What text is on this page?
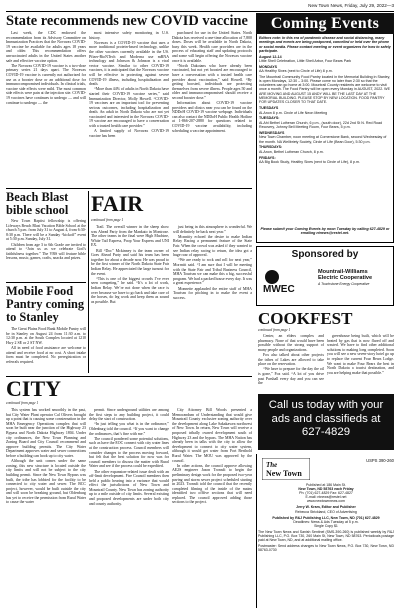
New Town News, Friday, July 29, 2022—3
State recommends new COVID vaccine

Last week, the CDC endorsed the recommendation from its Advisory Committee on Immunization Practices that the Novavax COVID-19 vaccine be available for adults ages 18 years and older. This recommendation offers unvaccinated adults in the United States another safe and effective vaccine option.

The Novavax COVID-19 vaccine is a two-dose primary series 21 days apart. The Novavax COVID-19 vaccine is currently not authorized for use as a booster dose or an additional dose for immunocompromised individuals. In clinical trials, vaccine side effects were mild. The most common side effects were pain at the injection site. COVID-19 vaccines have continues to undergo — and will continue to undergo — the

most intensive safety monitoring in U.S. history.

Novavax is a COVID-19 vaccine that uses a more traditional protein-based technology, unlike the other vaccines currently available in the US. Pfizer-BioNTech and Moderna use mRNA technology and Johnson & Johnson is a viral vector vaccine. Similar to other COVID-19 vaccines, it is anticipated that the Novavax vaccine will be effective in protecting against severe COVID-19 illness, including hospitalization and death.

“More than 44% of adults in North Dakota have started their COVID-19 vaccine series,” said Immunization Director, Molly Howell. “COVID-19 vaccines are an important tool for preventing serious outcomes, including hospitalization and death. An adult in North Dakota who are not yet vaccinated and interested in the Novavax COVID-19 vaccine are encouraged to have a conversation with a trusted health care provider.”

A limited supply of Novavax COVID-19 vaccine has been

purchased for use in the United States. North Dakota has received a one-time allocation of 7,800 doses. Doses will be available in North Dakota, busy this week. Health care providers are in the process of educating staff and updating protocols and some will begin offering the Novavax vaccine once it is available.

“North Dakotans who have already been vaccinated, but not yet boosted are encouraged to have a conversation with a trusted health care provider about vaccination,” said Howell. “By getting boosted, individuals are protecting themselves from severe illness. People ages 50 and older and immunocompromised should receive a second booster dose.”

Information about COVID-19 vaccine providers and clinics near you can be found on the NDDoH COVID-19 vaccine webpage. Individuals can also contact the NDDoH Public Health Hotline at 1-866-207-2880 for questions related to COVID-19 vaccine availability, including scheduling a vaccine appointment.

Beach Blast bible school

New Town Baptist fellowship is offering Lifeways Beach Blast Vacation Bible School at the church 5 p.m. from July 31 to August 4, from 6:30-8:30 p.m. There will be a Sunday “kickoff” event at 5:30 p.m. Sunday, July 31.

Children from age 3 to 6th Grade are invited to attend to “Join us as we celebrate God’s faithfulness together.” The VBS will feature bible lessons, music, games, crafts, snacks and prizes.

Mobile Food Pantry coming to Stanley

The Great Plains Food Bank Mobile Pantry will be in Stanley on August 24 from 11:30 a.m. to 12:30 p.m. at the South Complex located at 1210 Hwy 2 SE or 2 ST NW.

All in need of food assistance are welcome to attend and receive food at no cost. A short intake form must be completed. No preregistration or referrals required.

FAIR
continued from page 1

Trail. The overall winner in the sheep show was Ahead Party from the Mankato in Montrose. The other teams in the final were High Machine, White Tail Express, Poop Your Express and UNI EX.

Bill “Doc” Mckinney is the team owner of Goes Ahead Party and said his team has been together for about a decade now. He was proud to be the first winner of the North Dakota State Fair Indian Relay. He appreciated the large turnout for the event.

“This is one of the biggest crowds I’ve ever seen competing,” he said. “It’s a lot of work, Indian Relay. We’re not done when the race is over because we have to go back and take care of the horses, do leg work and keep them as sound as possible. But

just being in this atmosphere is wonderful. We will definitely be back next year.”

Mcnnitty echoed the desire to make Indian Relay Racing a permanent feature of the State Fair. When the crowd was asked if they wanted to see Indian relay racing to return, the idea got a huge roar of approval.

“We are ready to rock and roll for next year,” Morrnitt said. “I am sure that I will be meeting with the State Fair and Tribal Business Council, MHA Tourism we can make this a big, successful program. We had a packed house every day. It was a great experience.”

Monnette applauded the entire staff of MHA Tourism for pitching in to make the event a success.

CITY
continued from page 1

This system has worked smoothly in the past, but City Water Plant operator Cal Olivers brought up a point that is causing some consternation in the MHA Emergency Operations complex that will soon be built near the junction of the Highway 23 Bypass and North Dakota Highway 1804. Under city ordinances, the New Town Planning and Zoning Board and City Council recommend and approve building permits. The City Water Department approves water and sewer connections before a building can hook up to city water.

Although the unit comes under the same zoning, this new structure is located outside the city limits and will not be subject to the city building permit. Since the New Town Bypass was built, the tribe has lobbied for the facility to be connected to city water and sewer. The BCC project, however, would be built outside the city and will soon be breaking ground, but Oldenburg has yet to receive the permission from Rural Water to cause the water

permit. Since underground utilities are among the first steps to any building project, it could delay the start of construction.

“In just telling you what is in the ordinance,” Oldenburg told the council. “If you want to change the ordinances, that’s fine with me.”

The council pondered some potential solutions, such as have the EOC connect with city water lines at the construction process. Council members will consider changes to the process moving forward, but felt that the best solution for now was for council members to discuss the matter with Rural Water and see if the process could be expedited.

The other expansion-related issue dealt with an off-limit development. Fire Council members then held a public hearing into a variance that would effect the jurisdictions of New Town and Mountrail County. New Town has zoning authority up to a mile outside of city limits. Several existing and proposed developments are under both city and county authority.

City Attorney Bill Woods presented a Memorandum of Understanding that would give Mountrail County exclusive zoning authority over the development along Lake Sakakawea northwest of New Town. In return, New Town will receive a proposed tribally owned development south of Highway 23 and the bypass. The MHA Nation has already been in talks with the city to allow the development to connect to city water system, although it would get water from Fort Berthold Rural Water. The MOU was approved by the council.

In other actions, the council approve allowing AE2S engineer Jason Tronsdi to begin the preliminary design work for the proposed two-year paving and storm sewer project scheduled starting in 2023. Tronsdi told the council that the recently completed filming of the inside of the mains identified two offfive sections that will need replaced. The council approved adding those sections to the project.

Coming Events
Editors note: In this era of pandemic disease and social distancing, many meetings and events are being postponed, cancelled or held over the phone or social media. Please contact meeting or event organizers for how to safely participate.
August 12-14
Little Shell Celebration, Little Shell Arbor, Four Bears Park
MONDAYS
AA Healthy Sixes (next to Circle of Life) 8 p.m.
The Mountrail Community Food Pantry located in the Memorial Building in Stanley, is open Mondays, 12:30 – 3:00. Please come no later than 2:30 so that the volunteers can go home at 3:00. Mountrail County residents are welcome to visit once a month. The Food Pantry will be open every Monday in AUGUST, 2022. WE ARE MOVING AND AUGUST 15 ANDY WILL BE THE LAST DAY AT THE MEMORIAL BUILDING. PLEASE STOP BY NEW LOCATION. FOOD PANTRY FOR UPDATES CLOSER TO THAT DATE.
TUESDAYS
Al-Anon 8 p.m. Circle of Life Neon Meeting
TUESDAYS:
Al-Ahi Bethel Lutheran Church, 6 p.m., (south door), 22d 2nd St N. Red Road Recovery, Johnny Bell Meeting Room, Four Bears, 5 p.m.
WEDNESDAYS
New Town Chamber, noon meeting at Cornerstone Bank, second Wednesday of the month. NA Wellbriety Society, Circle of Life (Bean Door), 5:30 p.m.
THURSDAYS:
Al-Anon, Bethel Lutheran Church, 8 p.m.
FRIDAYS:
AA Big Book Study, Healthy Sixes (next to Circle of Life), 8 p.m.
Please submit your Coming Events by noon Tuesday by calling 627-4829 or emailing ntnews@restel.net.
Sponsored by
MWEC
Mountrail-Williams
Electric Cooperative
A Touchstone Energy Cooperative
COOKFEST
continued from page 1

Center, an elders complex and pharmacy. None of that would have been possible without the strong support of many people and organizations.

Fox also talked about other projects the tribes of Lakes are allowed to take place on the reservation.

“We have to prepare for the day the oil is gone,” Fox said. “A lot of you drive past Parshall every day and you can see the

greenhouse being built, which will be heated by gas that is now flared off and wasted. We have to find other additional solutions to making long completed. Soon you will see a new seven-story hotel go up to replace the current Four Bears Lodge. We want to make Four Bears the best in North Dakota a tourist destination, and you are helping make that possible.”

Call us today with your
ads and classifieds at
627-4829
The
New Town
USPS 390-260
Published at 186 Main St.
New Town, ND 58763 each Friday
Ph: (701) 627-4829 Fax: 627-4827
E-mail: ntnews@restel.net
www.newtownnews.com
Jerry W. Kram, Editor and Publisher
Rebecca Strickland, CEO of Advertising
Published by R&J Publishing LLC, New Town, ND (701) 627-4829
Deadlines: News & Ads Tuesday at 5 p.m.
Single Copy $1
The New Town News and Sanish Sentinel (SMS-390-260) is published weekly by R&J Publishing LLC, P.O. Box 730, 260 Main St, New Town, ND 58763. Periodicals postage paid at New Town, ND, and at additional mailing office.
Postmaster: Send address changes to New Town News, P.O. Box 730, New Town, ND 58763-0730
